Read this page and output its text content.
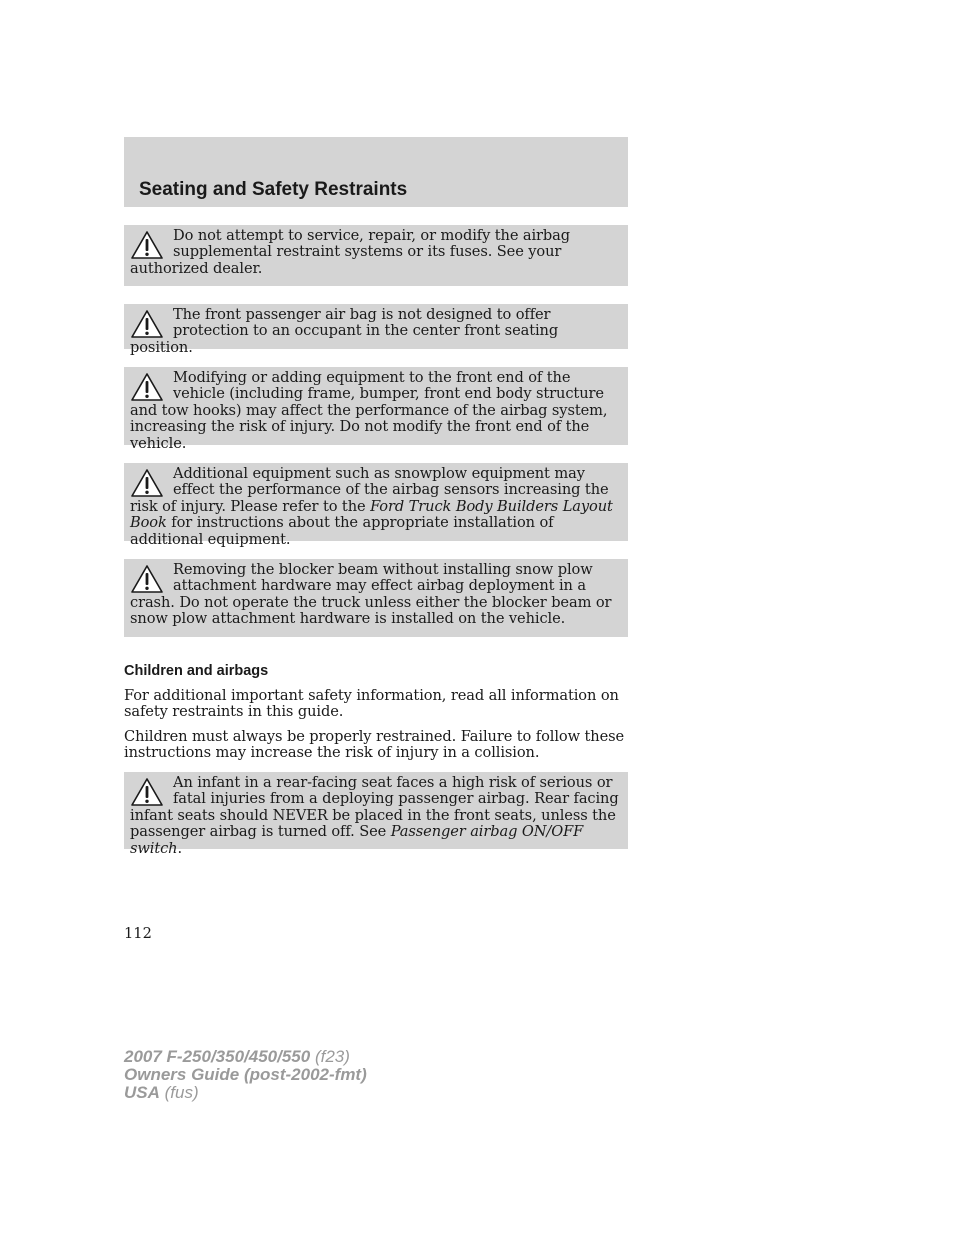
Seating and Safety Restraints

Do not attempt to service, repair, or modify the airbag supplemental restraint systems or its fuses. See your authorized dealer.

The front passenger air bag is not designed to offer protection to an occupant in the center front seating position.

Modifying or adding equipment to the front end of the vehicle (including frame, bumper, front end body structure and tow hooks) may affect the performance of the airbag system, increasing the risk of injury. Do not modify the front end of the vehicle.

Additional equipment such as snowplow equipment may effect the performance of the airbag sensors increasing the risk of injury. Please refer to the Ford Truck Body Builders Layout Book for instructions about the appropriate installation of additional equipment.

Removing the blocker beam without installing snow plow attachment hardware may effect airbag deployment in a crash. Do not operate the truck unless either the blocker beam or snow plow attachment hardware is installed on the vehicle.

Children and airbags

For additional important safety information, read all information on safety restraints in this guide.

Children must always be properly restrained. Failure to follow these instructions may increase the risk of injury in a collision.

An infant in a rear-facing seat faces a high risk of serious or fatal injuries from a deploying passenger airbag. Rear facing infant seats should NEVER be placed in the front seats, unless the passenger airbag is turned off. See Passenger airbag ON/OFF switch.

112
2007 F-250/350/450/550 (f23)
Owners Guide (post-2002-fmt)
USA (fus)
